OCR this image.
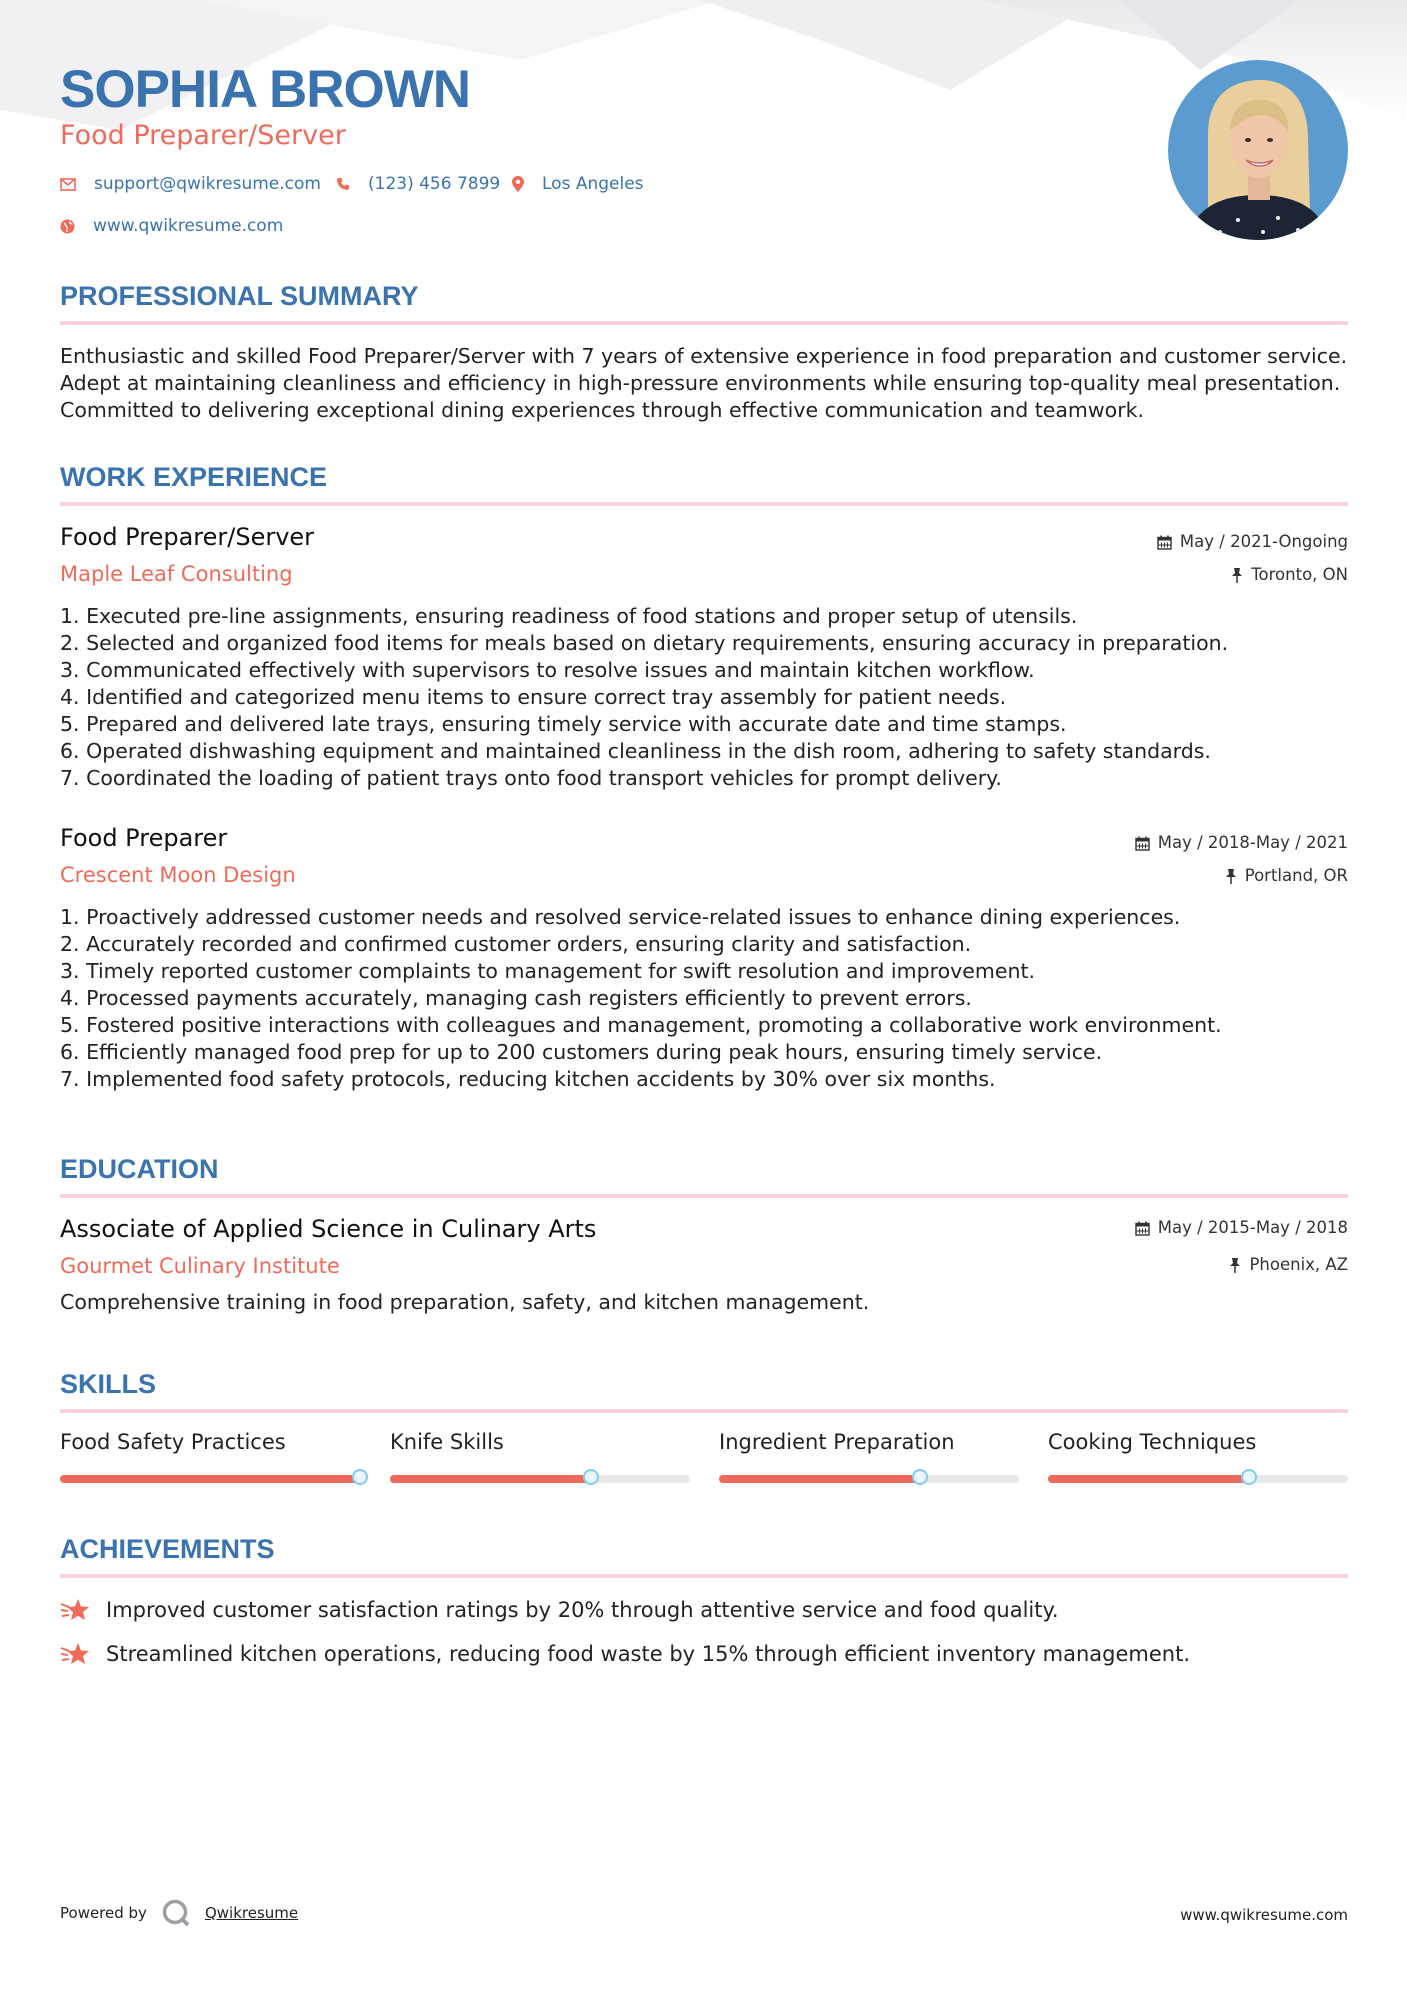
SOPHIA BROWN
Food Preparer/Server
support@qwikresume.com	(123) 456 7899 Los Angeles
www.qwikresume.com
PROFESSIONAL SUMMARY
Enthusiastic and skilled Food Preparer/Server with 7 years of extensive experience in food preparation and customer service. Adept at maintaining cleanliness and efficiency in high-pressure environments while ensuring top-quality meal presentation. Committed to delivering exceptional dining experiences through effective communication and teamwork.
WORK EXPERIENCE
Food Preparer/Server
Maple Leaf Consulting
May / 2021-Ongoing
Toronto, ON
1. Executed pre-line assignments, ensuring readiness of food stations and proper setup of utensils.
2. Selected and organized food items for meals based on dietary requirements, ensuring accuracy in preparation.
3. Communicated effectively with supervisors to resolve issues and maintain kitchen workflow.
4. Identified and categorized menu items to ensure correct tray assembly for patient needs.
5. Prepared and delivered late trays, ensuring timely service with accurate date and time stamps.
6. Operated dishwashing equipment and maintained cleanliness in the dish room, adhering to safety standards.
7. Coordinated the loading of patient trays onto food transport vehicles for prompt delivery.
Food Preparer
Crescent Moon Design
May / 2018-May / 2021
Portland, OR
1. Proactively addressed customer needs and resolved service-related issues to enhance dining experiences.
2. Accurately recorded and confirmed customer orders, ensuring clarity and satisfaction.
3. Timely reported customer complaints to management for swift resolution and improvement.
4. Processed payments accurately, managing cash registers efficiently to prevent errors.
5. Fostered positive interactions with colleagues and management, promoting a collaborative work environment.
6. Efficiently managed food prep for up to 200 customers during peak hours, ensuring timely service.
7. Implemented food safety protocols, reducing kitchen accidents by 30% over six months.
EDUCATION
Associate of Applied Science in Culinary Arts
Gourmet Culinary Institute
May / 2015-May / 2018
Phoenix, AZ
Comprehensive training in food preparation, safety, and kitchen management.
SKILLS
Food Safety Practices	Knife Skills	Ingredient Preparation	Cooking Techniques
ACHIEVEMENTS
Improved customer satisfaction ratings by 20% through attentive service and food quality.
Streamlined kitchen operations, reducing food waste by 15% through efficient inventory management.
Powered by	Qwikresume	www.qwikresume.com
